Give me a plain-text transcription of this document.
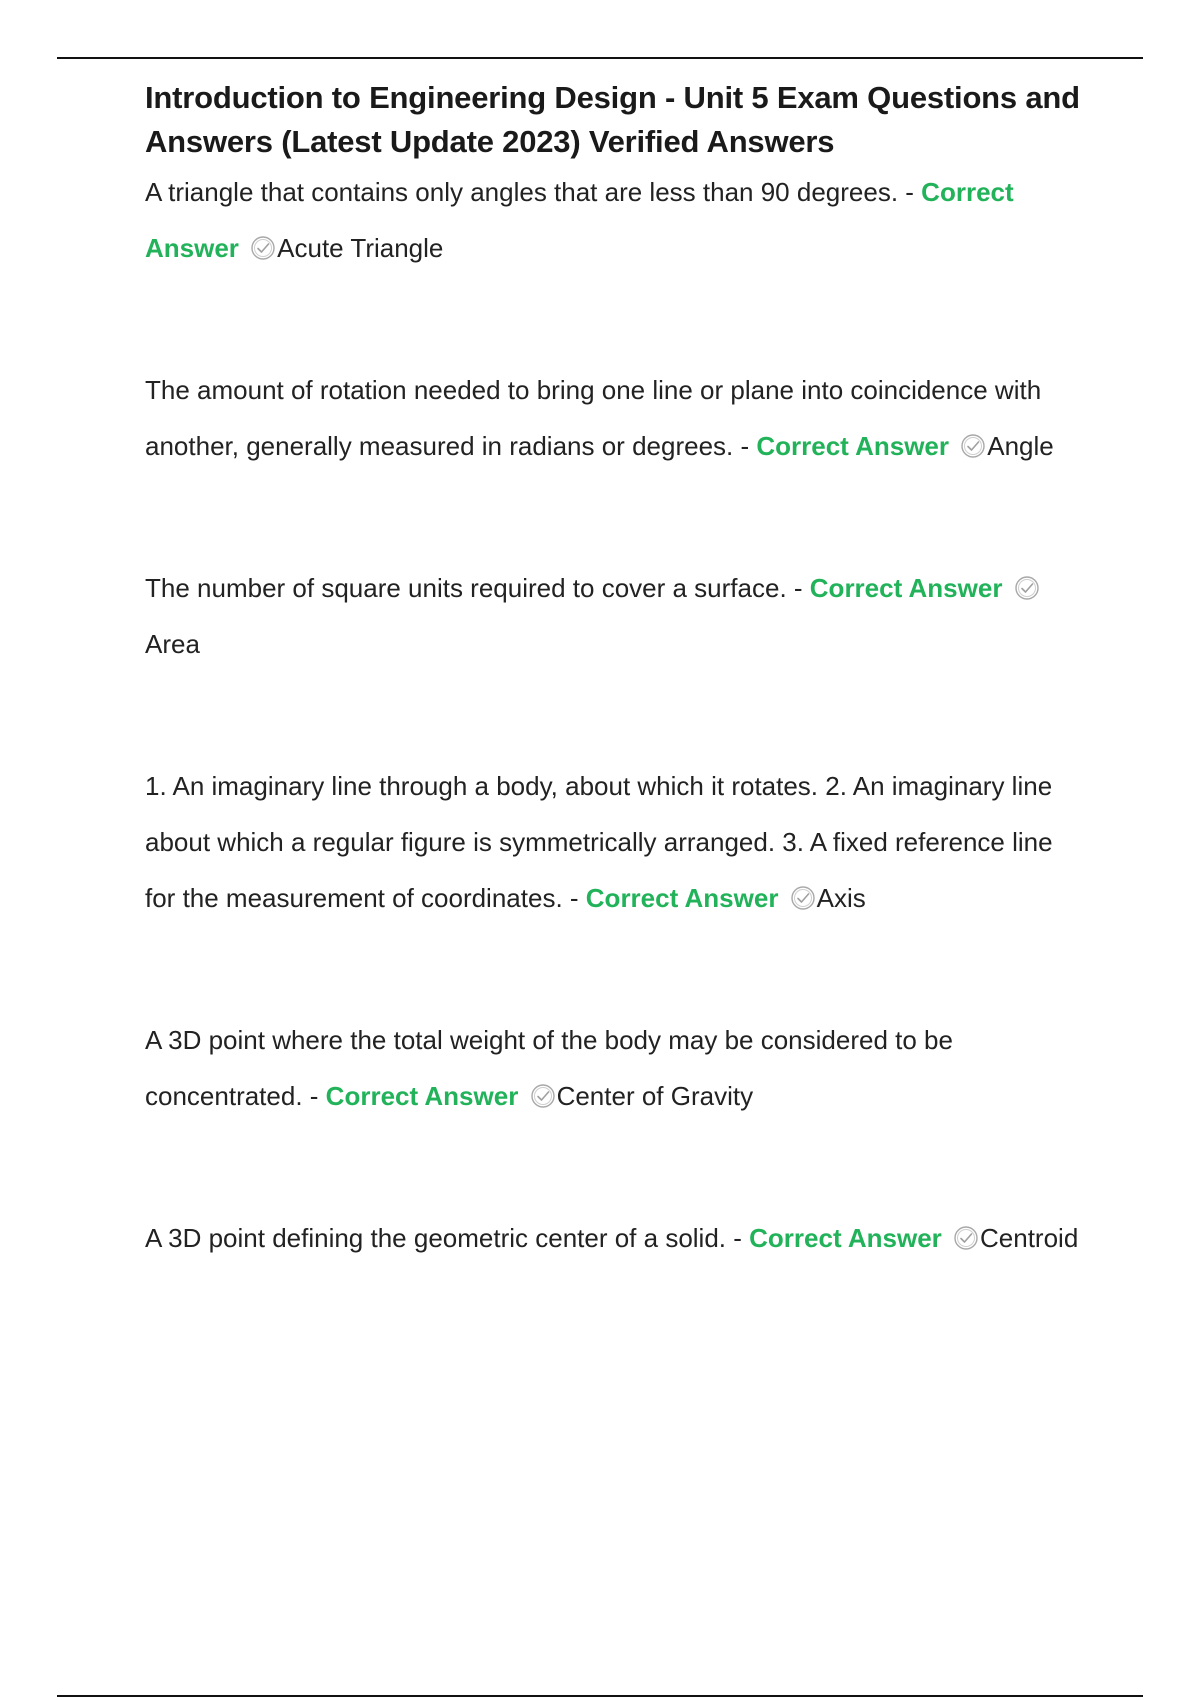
Introduction to Engineering Design - Unit 5 Exam Questions and Answers (Latest Update 2023) Verified Answers

A triangle that contains only angles that are less than 90 degrees. - Correct Answer Acute Triangle

The amount of rotation needed to bring one line or plane into coincidence with another, generally measured in radians or degrees. - Correct Answer Angle

The number of square units required to cover a surface. - Correct Answer
Area

1. An imaginary line through a body, about which it rotates. 2. An imaginary line about which a regular figure is symmetrically arranged. 3. A fixed reference line for the measurement of coordinates. - Correct Answer Axis

A 3D point where the total weight of the body may be considered to be concentrated. - Correct Answer Center of Gravity

A 3D point defining the geometric center of a solid. - Correct Answer Centroid
